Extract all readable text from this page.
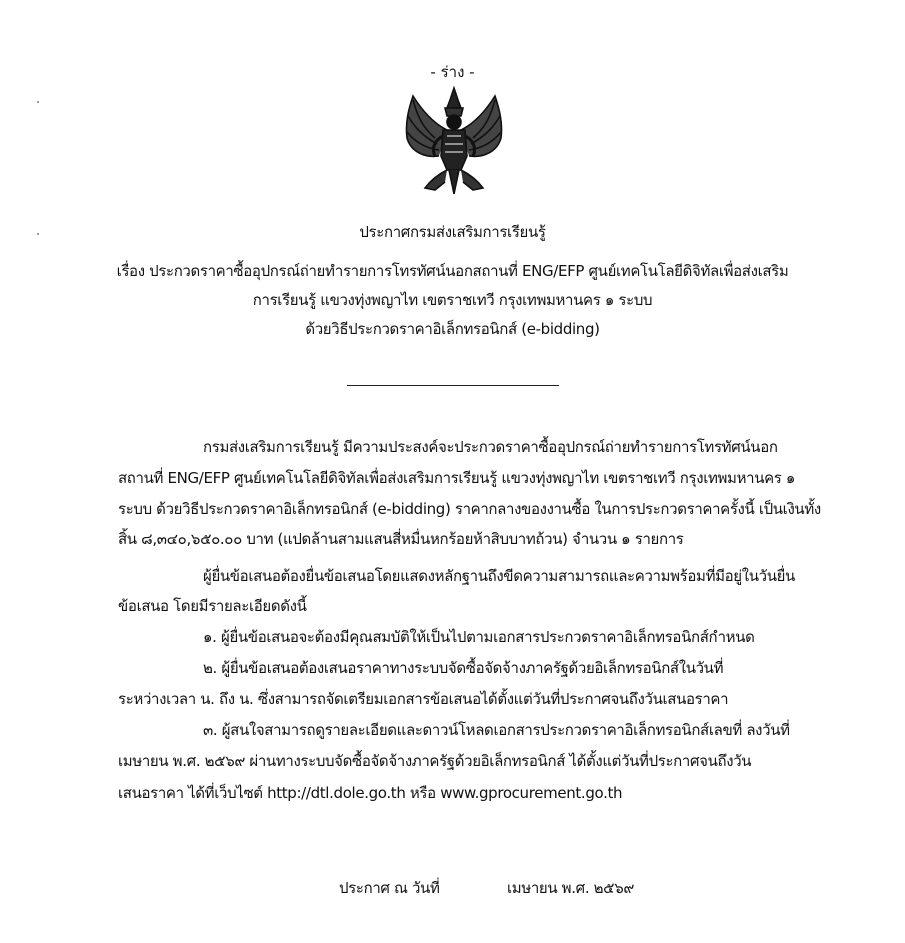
- ร่าง -
ประกาศกรมส่งเสริมการเรียนรู้
เรื่อง ประกวดราคาซื้ออุปกรณ์ถ่ายทำรายการโทรทัศน์นอกสถานที่ ENG/EFP ศูนย์เทคโนโลยีดิจิทัลเพื่อส่งเสริม
การเรียนรู้ แขวงทุ่งพญาไท เขตราชเทวี กรุงเทพมหานคร ๑ ระบบ
ด้วยวิธีประกวดราคาอิเล็กทรอนิกส์ (e-bidding)
กรมส่งเสริมการเรียนรู้ มีความประสงค์จะประกวดราคาซื้ออุปกรณ์ถ่ายทำรายการโทรทัศน์นอก
สถานที่ ENG/EFP ศูนย์เทคโนโลยีดิจิทัลเพื่อส่งเสริมการเรียนรู้ แขวงทุ่งพญาไท เขตราชเทวี กรุงเทพมหานคร ๑
ระบบ ด้วยวิธีประกวดราคาอิเล็กทรอนิกส์ (e-bidding) ราคากลางของงานซื้อ ในการประกวดราคาครั้งนี้ เป็นเงินทั้ง
สิ้น ๘,๓๔๐,๖๕๐.๐๐ บาท (แปดล้านสามแสนสี่หมื่นหกร้อยห้าสิบบาทถ้วน) จำนวน ๑ รายการ
ผู้ยื่นข้อเสนอต้องยื่นข้อเสนอโดยแสดงหลักฐานถึงขีดความสามารถและความพร้อมที่มีอยู่ในวันยื่น
ข้อเสนอ โดยมีรายละเอียดดังนี้
๑. ผู้ยื่นข้อเสนอจะต้องมีคุณสมบัติให้เป็นไปตามเอกสารประกวดราคาอิเล็กทรอนิกส์กำหนด
๒. ผู้ยื่นข้อเสนอต้องเสนอราคาทางระบบจัดซื้อจัดจ้างภาครัฐด้วยอิเล็กทรอนิกส์ในวันที่
ระหว่างเวลา น. ถึง น. ซึ่งสามารถจัดเตรียมเอกสารข้อเสนอได้ตั้งแต่วันที่ประกาศจนถึงวันเสนอราคา
๓. ผู้สนใจสามารถดูรายละเอียดและดาวน์โหลดเอกสารประกวดราคาอิเล็กทรอนิกส์เลขที่ ลงวันที่
เมษายน พ.ศ. ๒๕๖๙ ผ่านทางระบบจัดซื้อจัดจ้างภาครัฐด้วยอิเล็กทรอนิกส์ ได้ตั้งแต่วันที่ประกาศจนถึงวัน
เสนอราคา ได้ที่เว็บไซต์ http://dtl.dole.go.th หรือ www.gprocurement.go.th
ประกาศ ณ วันที่	เมษายน พ.ศ. ๒๕๖๙
